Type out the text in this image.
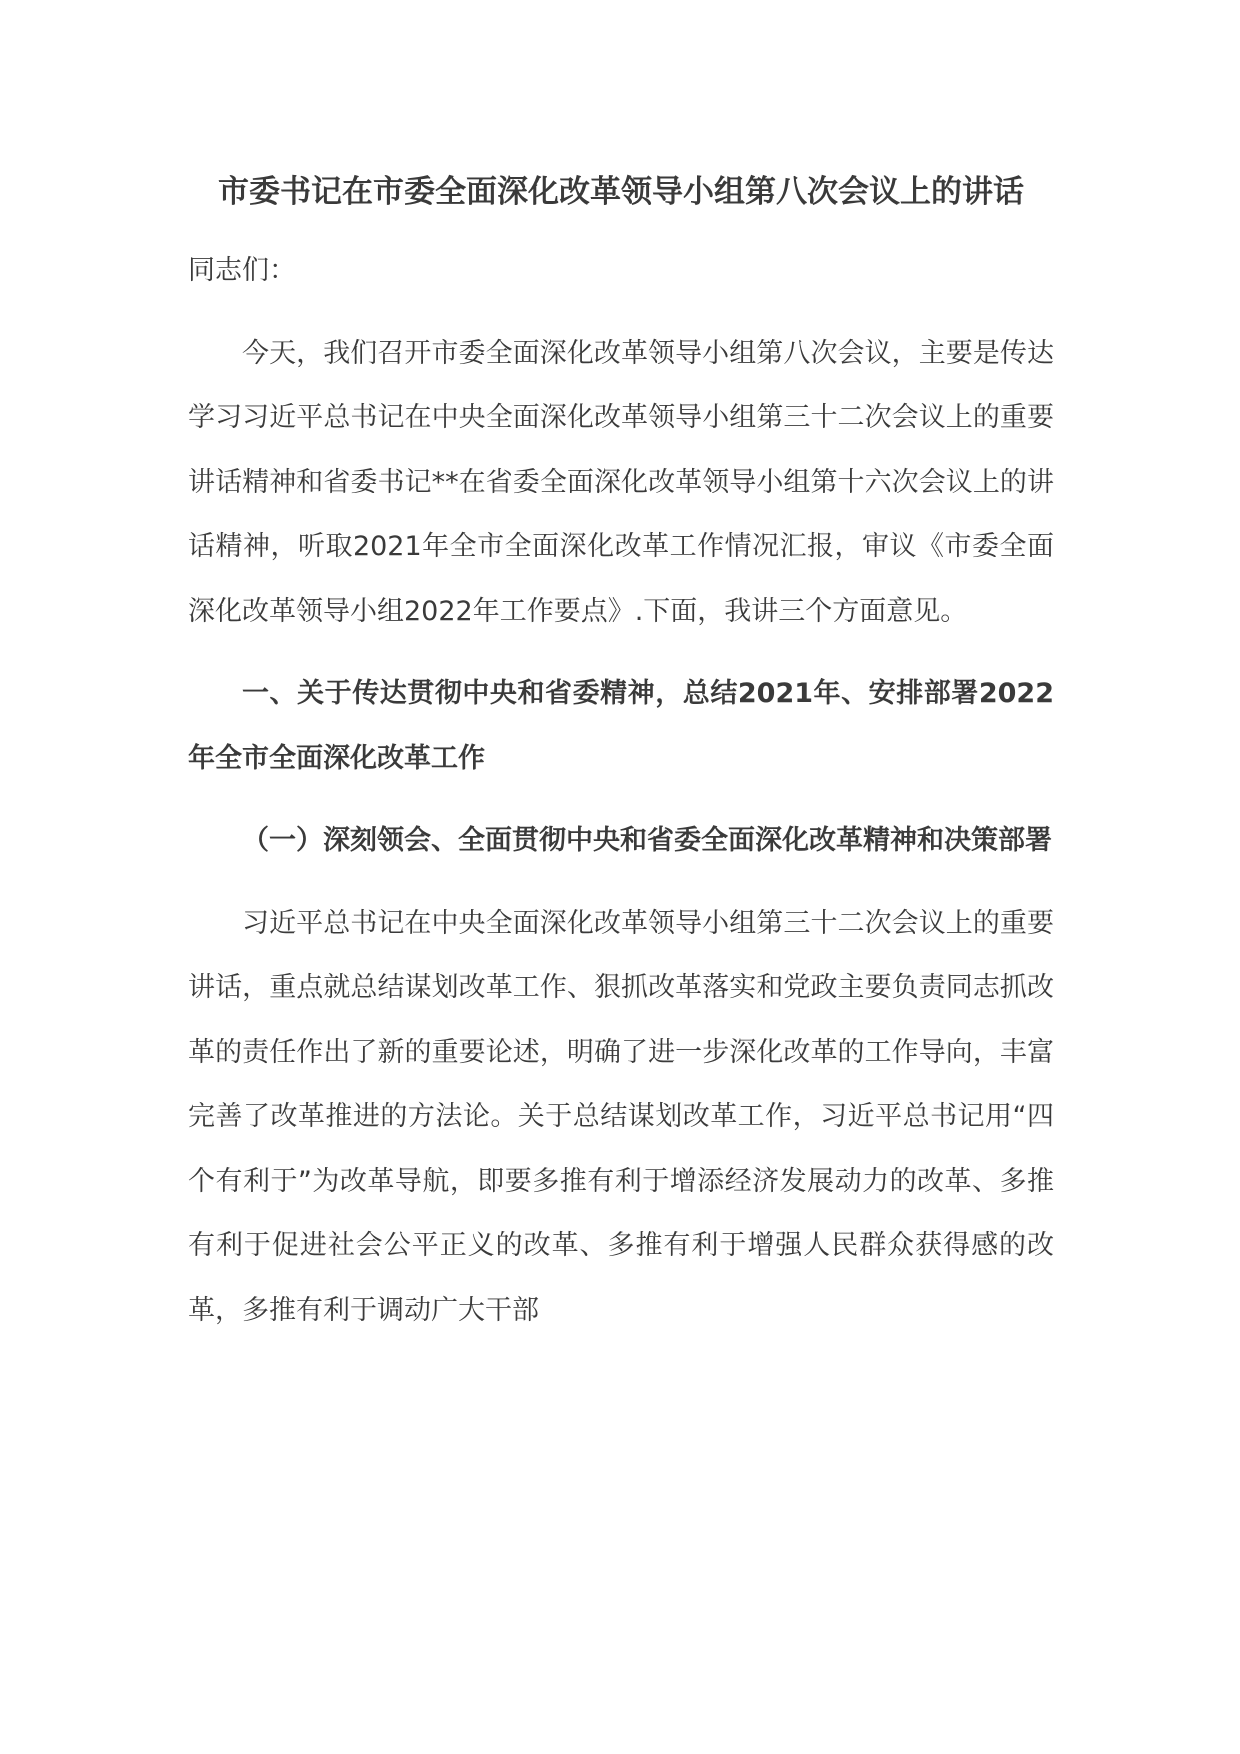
市委书记在市委全面深化改革领导小组第八次会议上的讲话

同志们：

今天，我们召开市委全面深化改革领导小组第八次会议，主要是传达学习习近平总书记在中央全面深化改革领导小组第三十二次会议上的重要讲话精神和省委书记**在省委全面深化改革领导小组第十六次会议上的讲话精神，听取2021年全市全面深化改革工作情况汇报，审议《市委全面深化改革领导小组2022年工作要点》.下面，我讲三个方面意见。

一、关于传达贯彻中央和省委精神，总结2021年、安排部署2022年全市全面深化改革工作

（一）深刻领会、全面贯彻中央和省委全面深化改革精神和决策部署

习近平总书记在中央全面深化改革领导小组第三十二次会议上的重要讲话，重点就总结谋划改革工作、狠抓改革落实和党政主要负责同志抓改革的责任作出了新的重要论述，明确了进一步深化改革的工作导向，丰富完善了改革推进的方法论。关于总结谋划改革工作，习近平总书记用“四个有利于”为改革导航，即要多推有利于增添经济发展动力的改革、多推有利于促进社会公平正义的改革、多推有利于增强人民群众获得感的改革，多推有利于调动广大干部
